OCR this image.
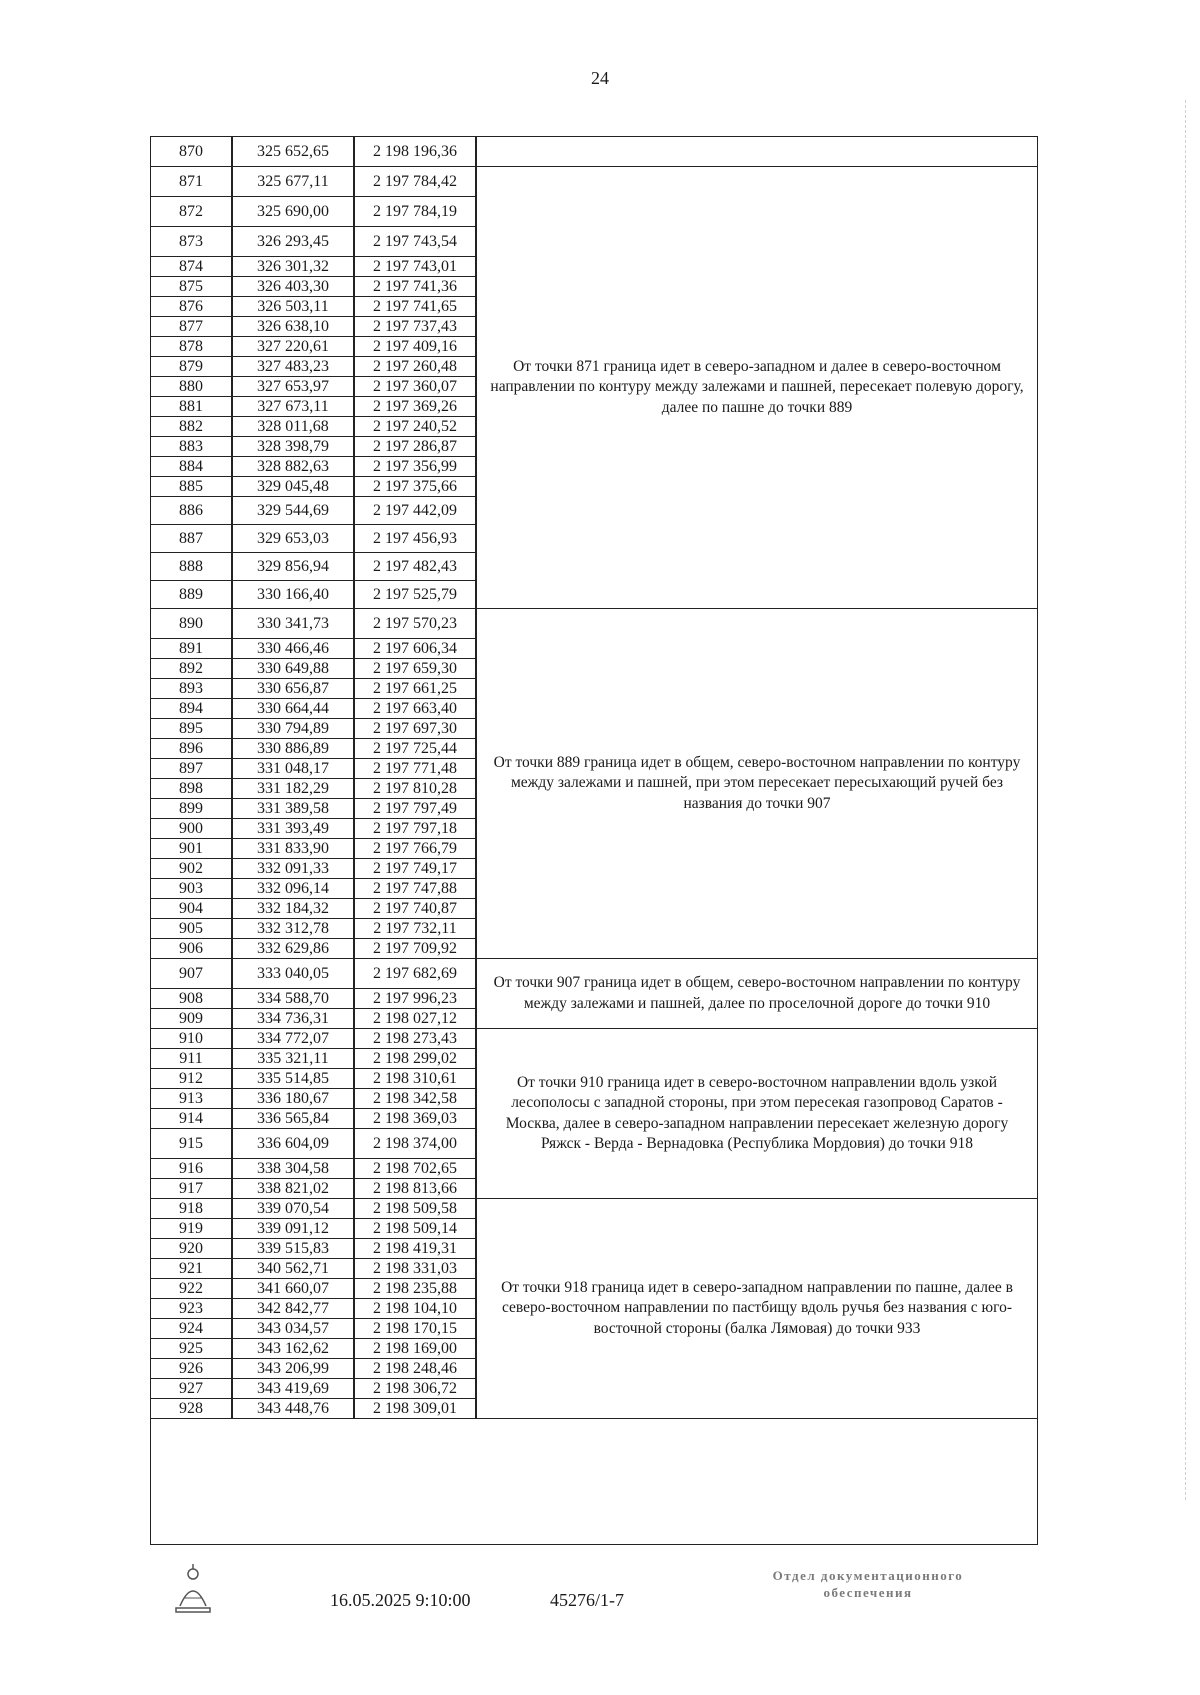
24
870	325 652,65	2 198 196,36
871	325 677,11	2 197 784,42
872	325 690,00	2 197 784,19
873	326 293,45	2 197 743,54
874	326 301,32	2 197 743,01
875	326 403,30	2 197 741,36
876	326 503,11	2 197 741,65
877	326 638,10	2 197 737,43
878	327 220,61	2 197 409,16
879	327 483,23	2 197 260,48
880	327 653,97	2 197 360,07
881	327 673,11	2 197 369,26
882	328 011,68	2 197 240,52
883	328 398,79	2 197 286,87
884	328 882,63	2 197 356,99
885	329 045,48	2 197 375,66
886	329 544,69	2 197 442,09
887	329 653,03	2 197 456,93
888	329 856,94	2 197 482,43
889	330 166,40	2 197 525,79
890	330 341,73	2 197 570,23
891	330 466,46	2 197 606,34
892	330 649,88	2 197 659,30
893	330 656,87	2 197 661,25
894	330 664,44	2 197 663,40
895	330 794,89	2 197 697,30
896	330 886,89	2 197 725,44
897	331 048,17	2 197 771,48
898	331 182,29	2 197 810,28
899	331 389,58	2 197 797,49
900	331 393,49	2 197 797,18
901	331 833,90	2 197 766,79
902	332 091,33	2 197 749,17
903	332 096,14	2 197 747,88
904	332 184,32	2 197 740,87
905	332 312,78	2 197 732,11
906	332 629,86	2 197 709,92
907	333 040,05	2 197 682,69
908	334 588,70	2 197 996,23
909	334 736,31	2 198 027,12
910	334 772,07	2 198 273,43
911	335 321,11	2 198 299,02
912	335 514,85	2 198 310,61
913	336 180,67	2 198 342,58
914	336 565,84	2 198 369,03
915	336 604,09	2 198 374,00
916	338 304,58	2 198 702,65
917	338 821,02	2 198 813,66
918	339 070,54	2 198 509,58
919	339 091,12	2 198 509,14
920	339 515,83	2 198 419,31
921	340 562,71	2 198 331,03
922	341 660,07	2 198 235,88
923	342 842,77	2 198 104,10
924	343 034,57	2 198 170,15
925	343 162,62	2 198 169,00
926	343 206,99	2 198 248,46
927	343 419,69	2 198 306,72
928	343 448,76	2 198 309,01
От точки 871 граница идет в северо-западном и далее в северо-восточном направлении по контуру между залежами и пашней, пересекает полевую дорогу, далее по пашне до точки 889
От точки 889 граница идет в общем, северо-восточном направлении по контуру между залежами и пашней, при этом пересекает пересыхающий ручей без названия до точки 907
От точки 907 граница идет в общем, северо-восточном направлении по контуру между залежами и пашней, далее по проселочной дороге до точки 910
От точки 910 граница идет в северо-восточном направлении вдоль узкой лесополосы с западной стороны, при этом пересекая газопровод Саратов - Москва, далее в северо-западном направлении пересекает железную дорогу Ряжск - Верда - Вернадовка (Республика Мордовия) до точки 918
От точки 918 граница идет в северо-западном направлении по пашне, далее в северо-восточном направлении по пастбищу вдоль ручья без названия с юго-восточной стороны (балка Лямовая) до точки 933
16.05.2025 9:10:00	45276/1-7
Отдел документационного
обеспечения
